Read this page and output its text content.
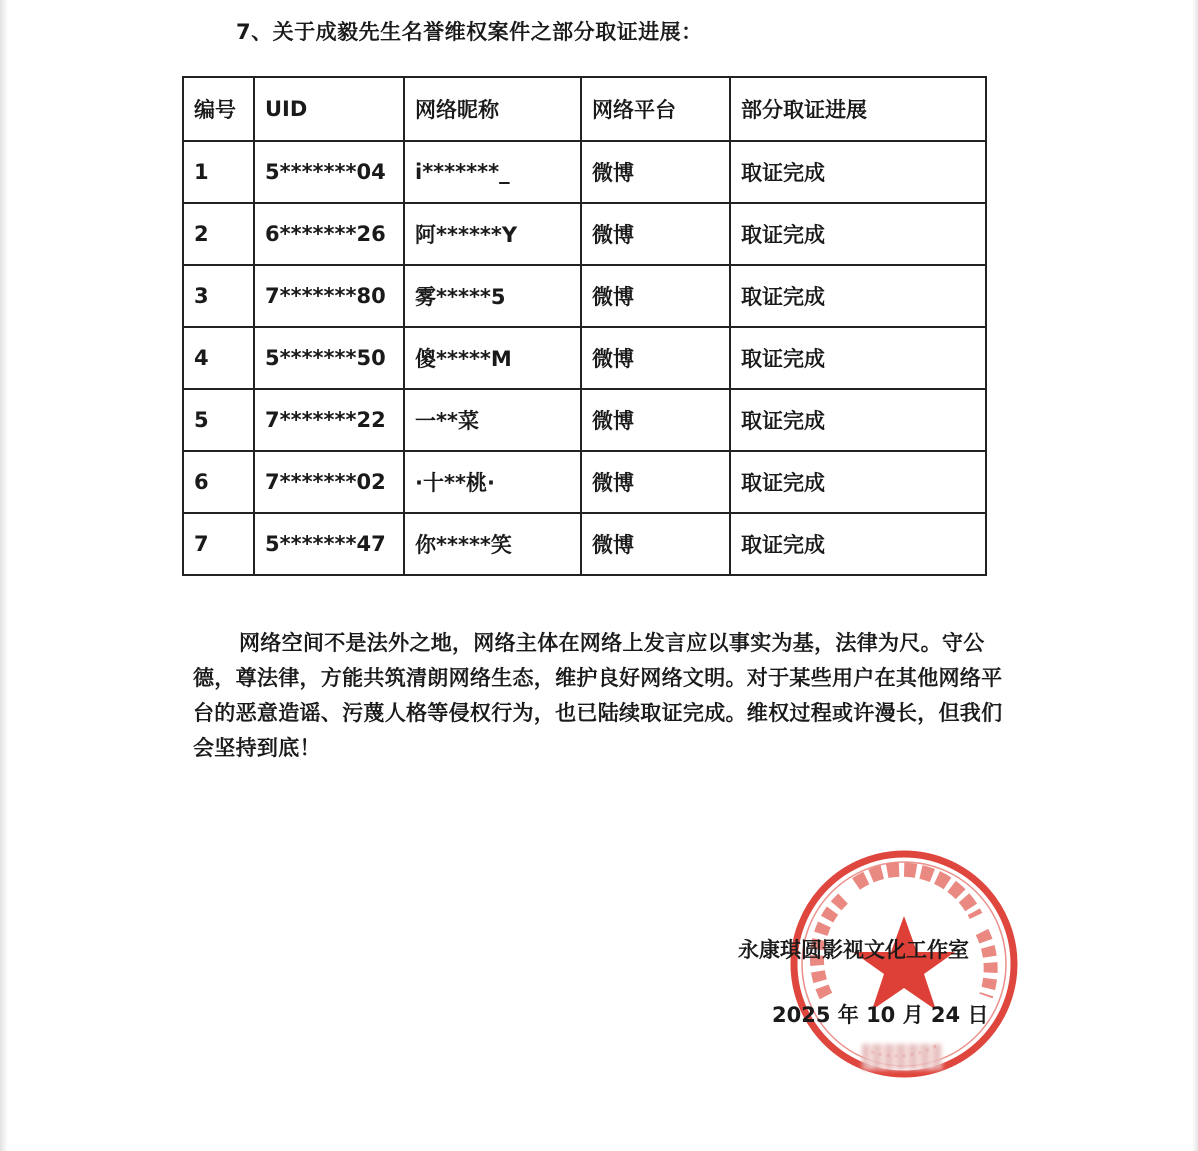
7、关于成毅先生名誉维权案件之部分取证进展：
编号	UID	网络昵称	网络平台	部分取证进展
1	5*******04	i*******_	微博	取证完成
2	6*******26	阿******Y	微博	取证完成
3	7*******80	雾*****5	微博	取证完成
4	5*******50	傻*****M	微博	取证完成
5	7*******22	一**菜	微博	取证完成
6	7*******02	·十**桃·	微博	取证完成
7	5*******47	你*****笑	微博	取证完成
网络空间不是法外之地，网络主体在网络上发言应以事实为基，法律为尺。守公德，尊法律，方能共筑清朗网络生态，维护良好网络文明。对于某些用户在其他网络平台的恶意造谣、污蔑人格等侵权行为，也已陆续取证完成。维权过程或许漫长，但我们会坚持到底！
永康琪圆影视文化工作室
2025 年 10 月 24 日
